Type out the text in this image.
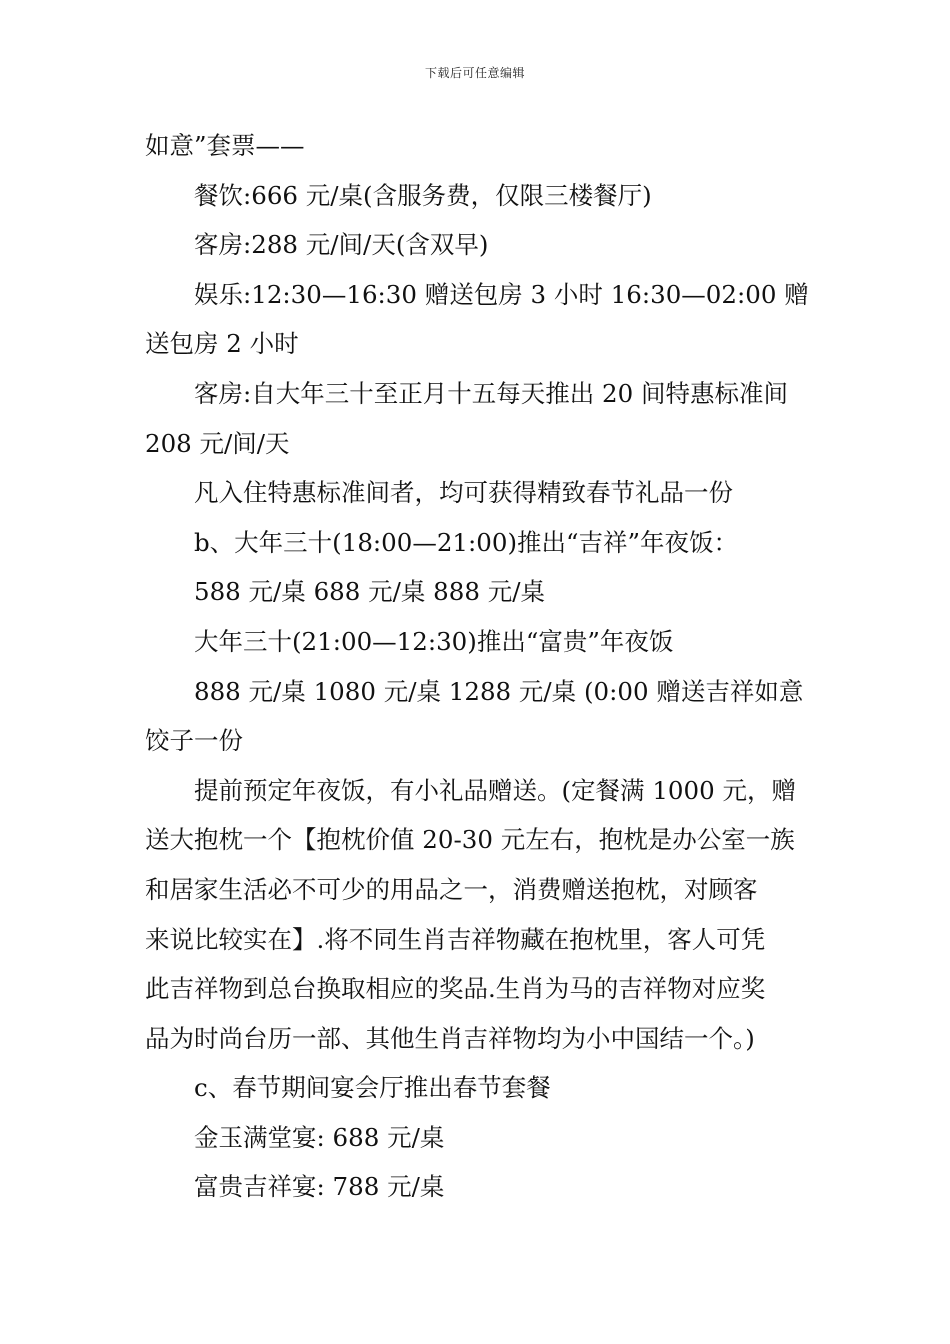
下载后可任意编辑
如意”套票——
餐饮:666 元/桌(含服务费，仅限三楼餐厅)
客房:288 元/间/天(含双早)
娱乐:12:30—16:30 赠送包房 3 小时 16:30—02:00 赠
送包房 2 小时
客房:自大年三十至正月十五每天推出 20 间特惠标准间
208 元/间/天
凡入住特惠标准间者，均可获得精致春节礼品一份
b、大年三十(18:00—21:00)推出“吉祥”年夜饭：
588 元/桌 688 元/桌 888 元/桌
大年三十(21:00—12:30)推出“富贵”年夜饭
888 元/桌 1080 元/桌 1288 元/桌 (0:00 赠送吉祥如意
饺子一份
提前预定年夜饭，有小礼品赠送。(定餐满 1000 元，赠
送大抱枕一个【抱枕价值 20-30 元左右，抱枕是办公室一族
和居家生活必不可少的用品之一，消费赠送抱枕，对顾客
来说比较实在】.将不同生肖吉祥物藏在抱枕里，客人可凭
此吉祥物到总台换取相应的奖品.生肖为马的吉祥物对应奖
品为时尚台历一部、其他生肖吉祥物均为小中国结一个。)
c、春节期间宴会厅推出春节套餐
金玉满堂宴: 688 元/桌
富贵吉祥宴: 788 元/桌
